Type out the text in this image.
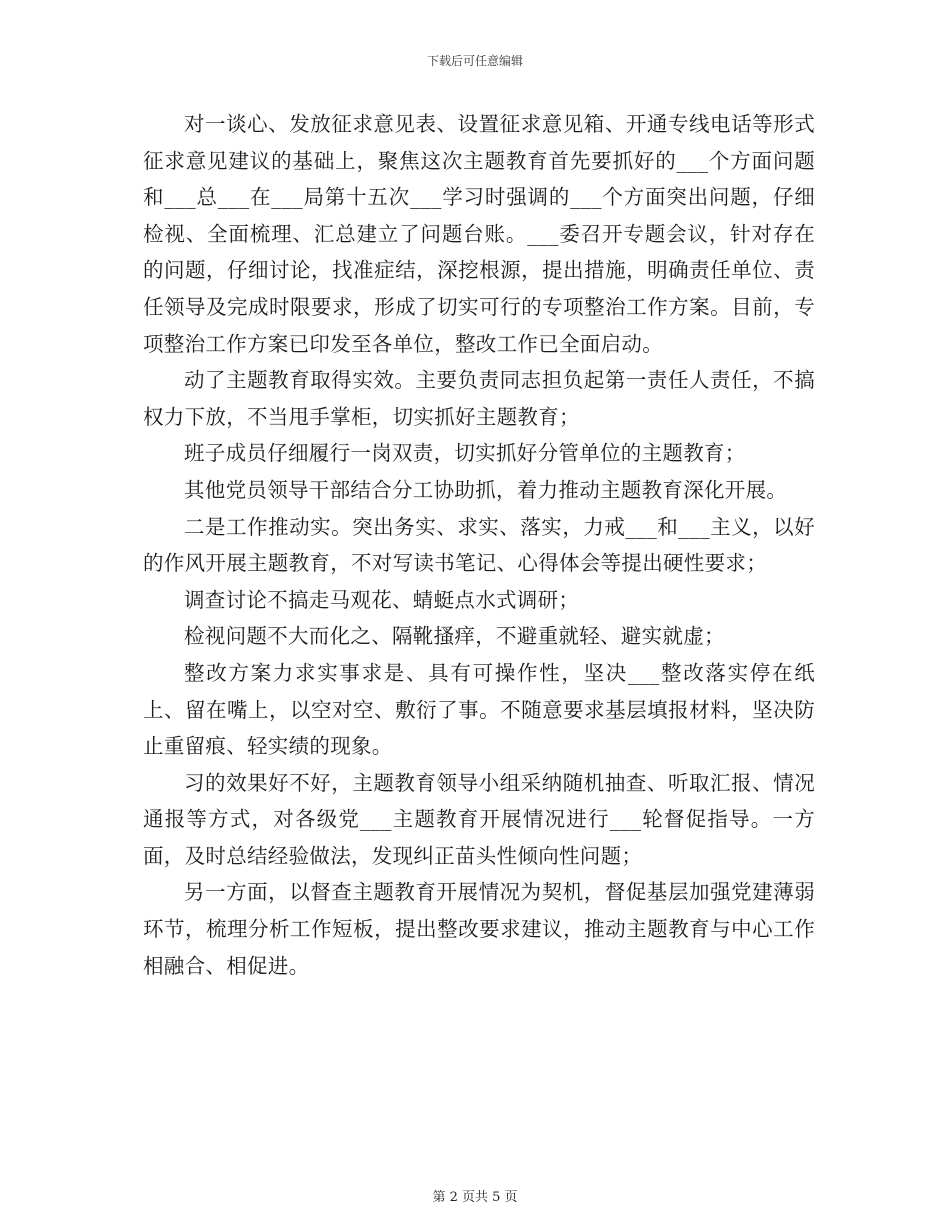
下载后可任意编辑

对一谈心、发放征求意见表、设置征求意见箱、开通专线电话等形式征求意见建议的基础上，聚焦这次主题教育首先要抓好的___个方面问题和___总___在___局第十五次___学习时强调的___个方面突出问题，仔细检视、全面梳理、汇总建立了问题台账。___委召开专题会议，针对存在的问题，仔细讨论，找准症结，深挖根源，提出措施，明确责任单位、责任领导及完成时限要求，形成了切实可行的专项整治工作方案。目前，专项整治工作方案已印发至各单位，整改工作已全面启动。

动了主题教育取得实效。主要负责同志担负起第一责任人责任，不搞权力下放，不当甩手掌柜，切实抓好主题教育；

班子成员仔细履行一岗双责，切实抓好分管单位的主题教育；

其他党员领导干部结合分工协助抓，着力推动主题教育深化开展。

二是工作推动实。突出务实、求实、落实，力戒___和___主义，以好的作风开展主题教育，不对写读书笔记、心得体会等提出硬性要求；

调查讨论不搞走马观花、蜻蜓点水式调研；

检视问题不大而化之、隔靴搔痒，不避重就轻、避实就虚；

整改方案力求实事求是、具有可操作性，坚决___整改落实停在纸上、留在嘴上，以空对空、敷衍了事。不随意要求基层填报材料，坚决防止重留痕、轻实绩的现象。

习的效果好不好，主题教育领导小组采纳随机抽查、听取汇报、情况通报等方式，对各级党___主题教育开展情况进行___轮督促指导。一方面，及时总结经验做法，发现纠正苗头性倾向性问题；

另一方面，以督查主题教育开展情况为契机，督促基层加强党建薄弱环节，梳理分析工作短板，提出整改要求建议，推动主题教育与中心工作相融合、相促进。

第 2 页共 5 页
